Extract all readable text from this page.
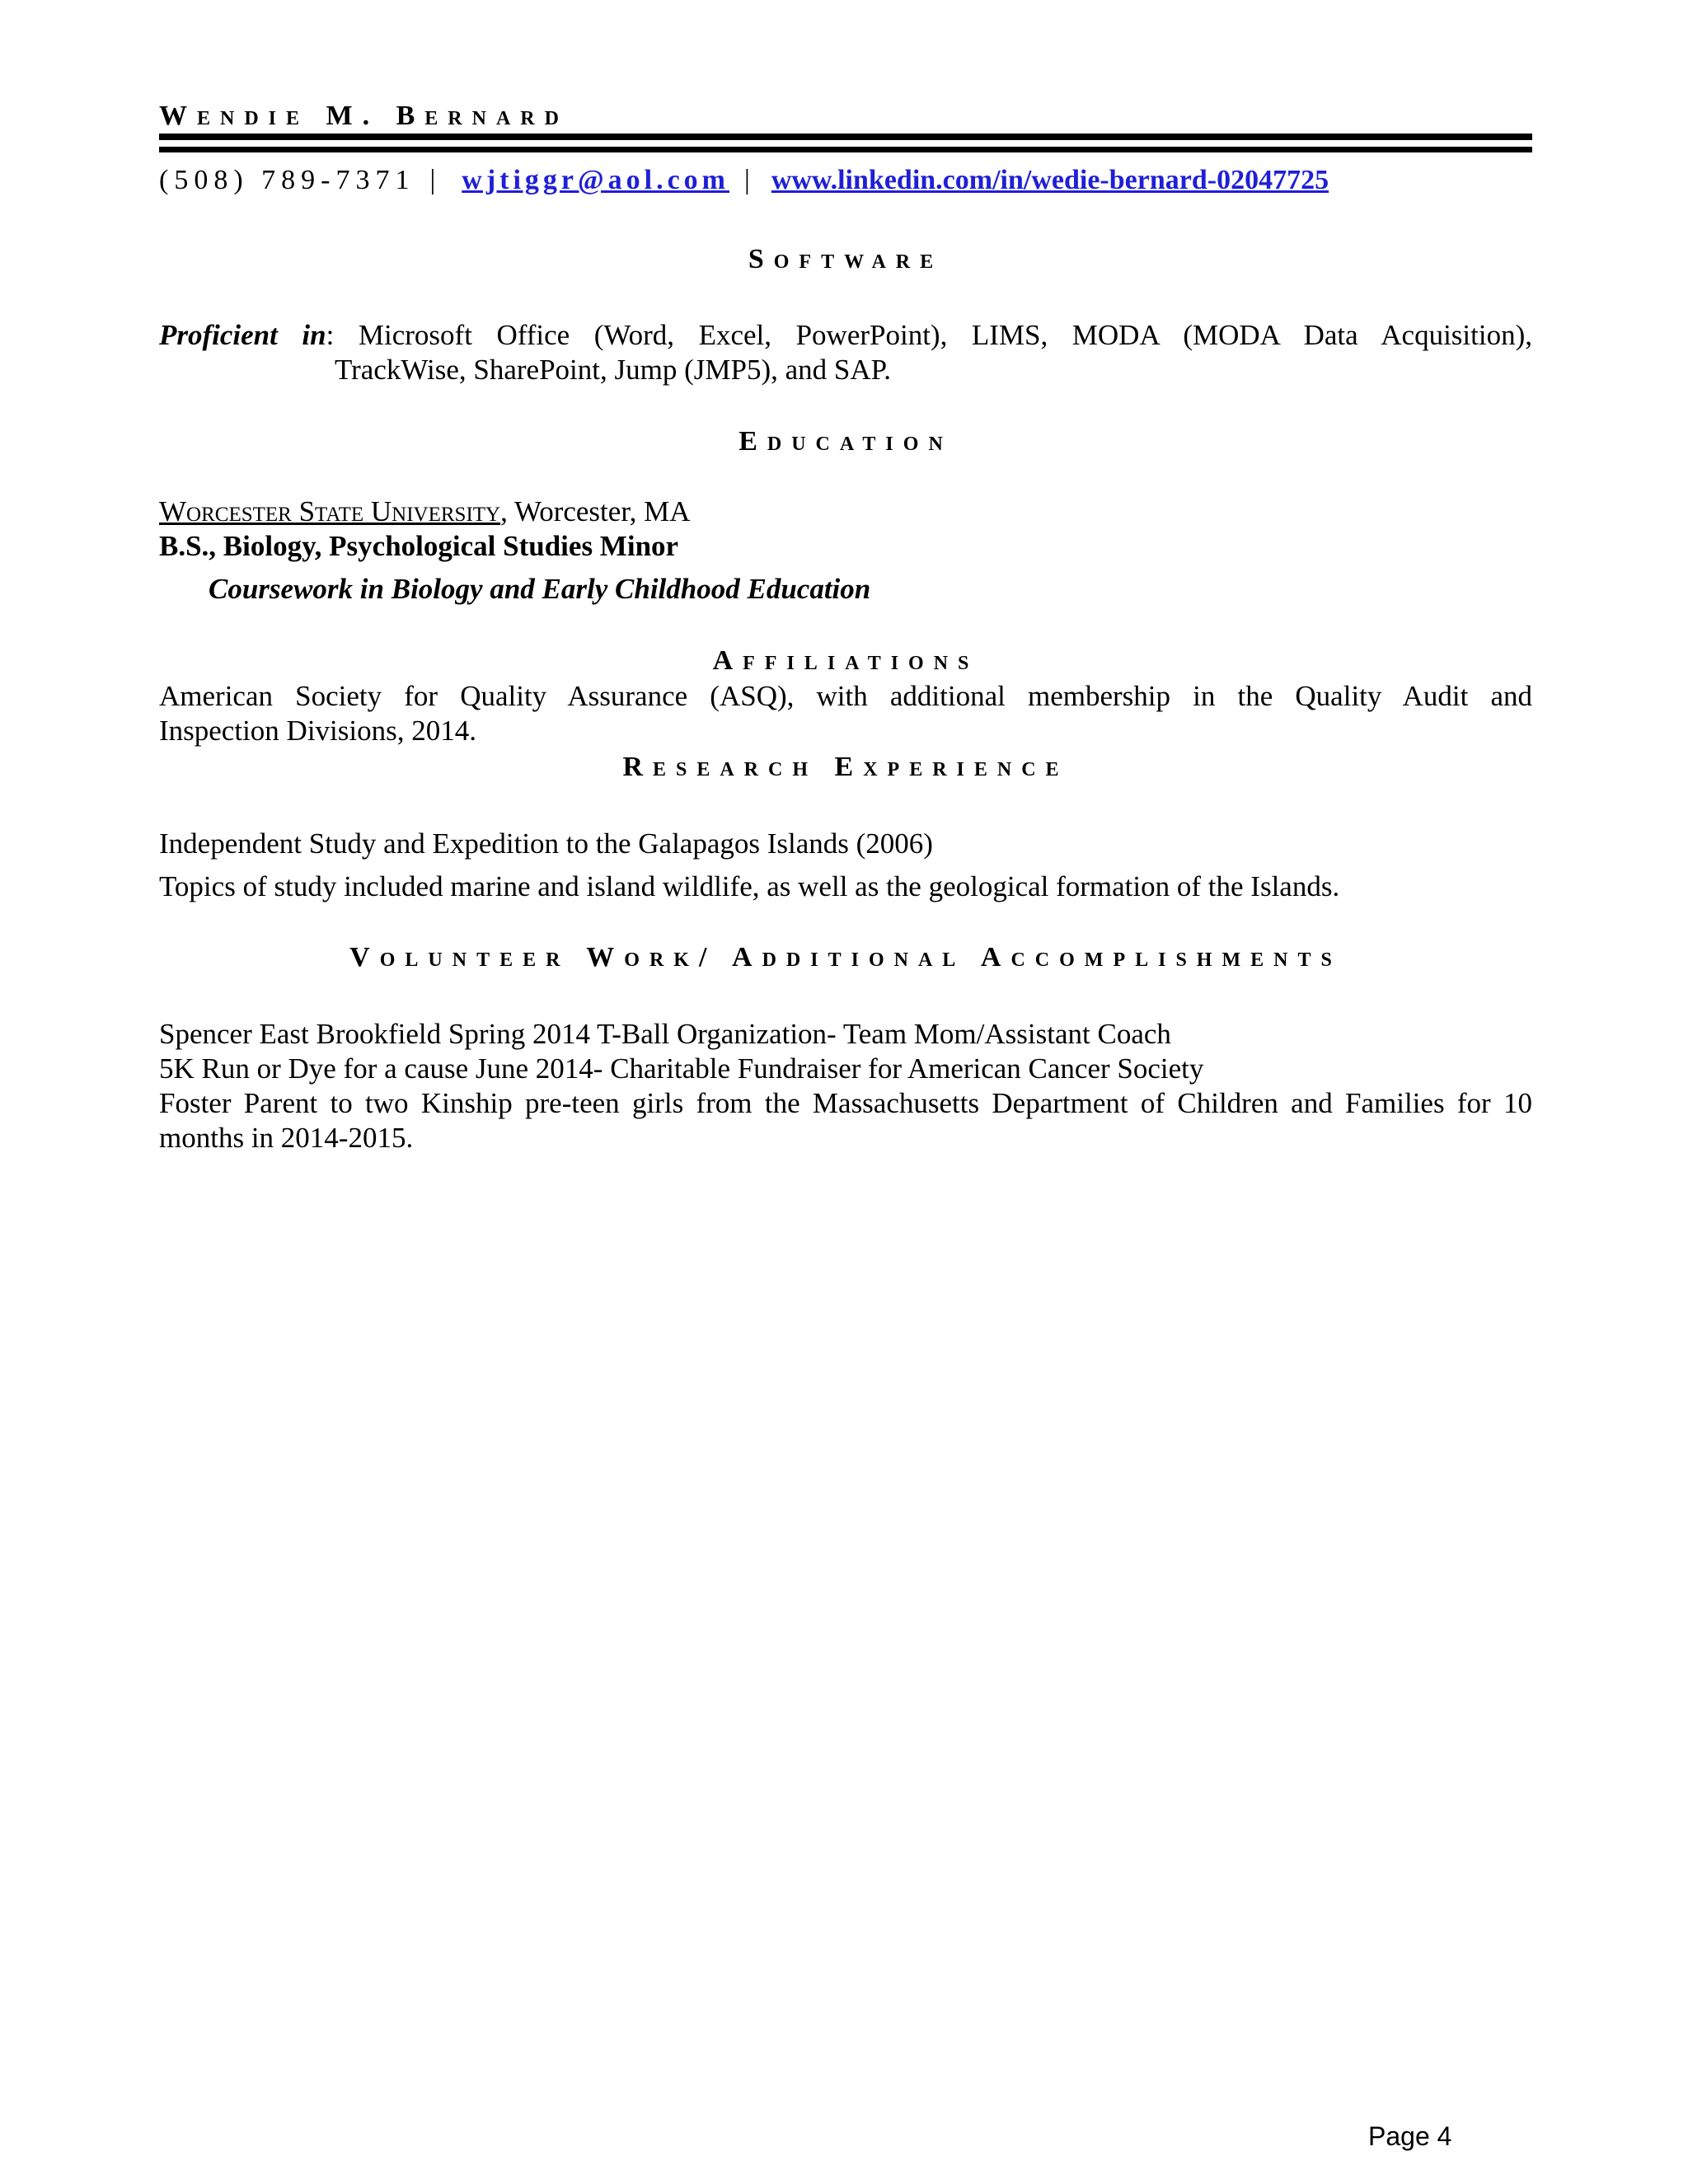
Wendie M. Bernard
(508) 789-7371 | wjtiggr@aol.com | www.linkedin.com/in/wedie-bernard-02047725
Software
Proficient in: Microsoft Office (Word, Excel, PowerPoint), LIMS, MODA (MODA Data Acquisition),
TrackWise, SharePoint, Jump (JMP5), and SAP.
Education
Worcester State University, Worcester, MA
B.S., Biology, Psychological Studies Minor
Coursework in Biology and Early Childhood Education
Affiliations
American Society for Quality Assurance (ASQ), with additional membership in the Quality Audit and
Inspection Divisions, 2014.
Research Experience
Independent Study and Expedition to the Galapagos Islands (2006)
Topics of study included marine and island wildlife, as well as the geological formation of the Islands.
Volunteer Work/ Additional Accomplishments
Spencer East Brookfield Spring 2014 T-Ball Organization- Team Mom/Assistant Coach
5K Run or Dye for a cause June 2014- Charitable Fundraiser for American Cancer Society
Foster Parent to two Kinship pre-teen girls from the Massachusetts Department of Children and Families for 10
months in 2014-2015.
Page 4
